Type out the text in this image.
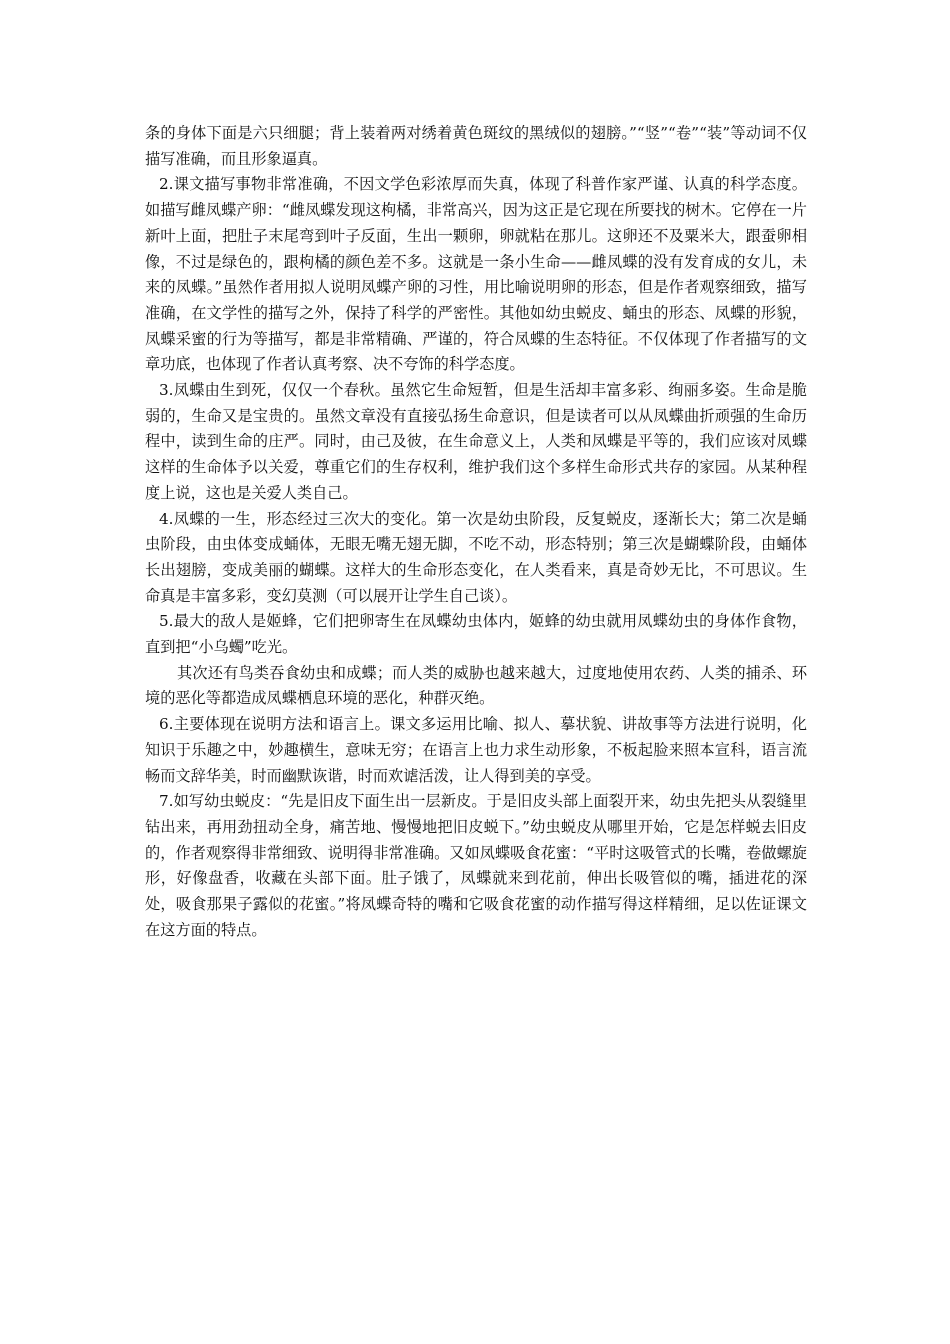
条的身体下面是六只细腿；背上装着两对绣着黄色斑纹的黑绒似的翅膀。”“竖”“卷”“装”等动词不仅描写准确，而且形象逼真。

2.课文描写事物非常准确，不因文学色彩浓厚而失真，体现了科普作家严谨、认真的科学态度。如描写雌凤蝶产卵：“雌凤蝶发现这枸橘，非常高兴，因为这正是它现在所要找的树木。它停在一片新叶上面，把肚子末尾弯到叶子反面，生出一颗卵，卵就粘在那儿。这卵还不及粟米大，跟蚕卵相像，不过是绿色的，跟枸橘的颜色差不多。这就是一条小生命——雌凤蝶的没有发育成的女儿，未来的凤蝶。”虽然作者用拟人说明凤蝶产卵的习性，用比喻说明卵的形态，但是作者观察细致，描写准确，在文学性的描写之外，保持了科学的严密性。其他如幼虫蜕皮、蛹虫的形态、凤蝶的形貌，凤蝶采蜜的行为等描写，都是非常精确、严谨的，符合凤蝶的生态特征。不仅体现了作者描写的文章功底，也体现了作者认真考察、决不夸饰的科学态度。

3.凤蝶由生到死，仅仅一个春秋。虽然它生命短暂，但是生活却丰富多彩、绚丽多姿。生命是脆弱的，生命又是宝贵的。虽然文章没有直接弘扬生命意识，但是读者可以从凤蝶曲折顽强的生命历程中，读到生命的庄严。同时，由己及彼，在生命意义上，人类和凤蝶是平等的，我们应该对凤蝶这样的生命体予以关爱，尊重它们的生存权利，维护我们这个多样生命形式共存的家园。从某种程度上说，这也是关爱人类自己。

4.凤蝶的一生，形态经过三次大的变化。第一次是幼虫阶段，反复蜕皮，逐渐长大；第二次是蛹虫阶段，由虫体变成蛹体，无眼无嘴无翅无脚，不吃不动，形态特别；第三次是蝴蝶阶段，由蛹体长出翅膀，变成美丽的蝴蝶。这样大的生命形态变化，在人类看来，真是奇妙无比，不可思议。生命真是丰富多彩，变幻莫测（可以展开让学生自己谈）。

5.最大的敌人是姬蜂，它们把卵寄生在凤蝶幼虫体内，姬蜂的幼虫就用凤蝶幼虫的身体作食物，直到把“小乌蠋”吃光。

其次还有鸟类吞食幼虫和成蝶；而人类的威胁也越来越大，过度地使用农药、人类的捕杀、环境的恶化等都造成凤蝶栖息环境的恶化，种群灭绝。

6.主要体现在说明方法和语言上。课文多运用比喻、拟人、摹状貌、讲故事等方法进行说明，化知识于乐趣之中，妙趣横生，意味无穷；在语言上也力求生动形象，不板起脸来照本宣科，语言流畅而文辞华美，时而幽默诙谐，时而欢谑活泼，让人得到美的享受。

7.如写幼虫蜕皮：“先是旧皮下面生出一层新皮。于是旧皮头部上面裂开来，幼虫先把头从裂缝里钻出来，再用劲扭动全身，痛苦地、慢慢地把旧皮蜕下。”幼虫蜕皮从哪里开始，它是怎样蜕去旧皮的，作者观察得非常细致、说明得非常准确。又如凤蝶吸食花蜜：“平时这吸管式的长嘴，卷做螺旋形，好像盘香，收藏在头部下面。肚子饿了，凤蝶就来到花前，伸出长吸管似的嘴，插进花的深处，吸食那果子露似的花蜜。”将凤蝶奇特的嘴和它吸食花蜜的动作描写得这样精细，足以佐证课文在这方面的特点。
